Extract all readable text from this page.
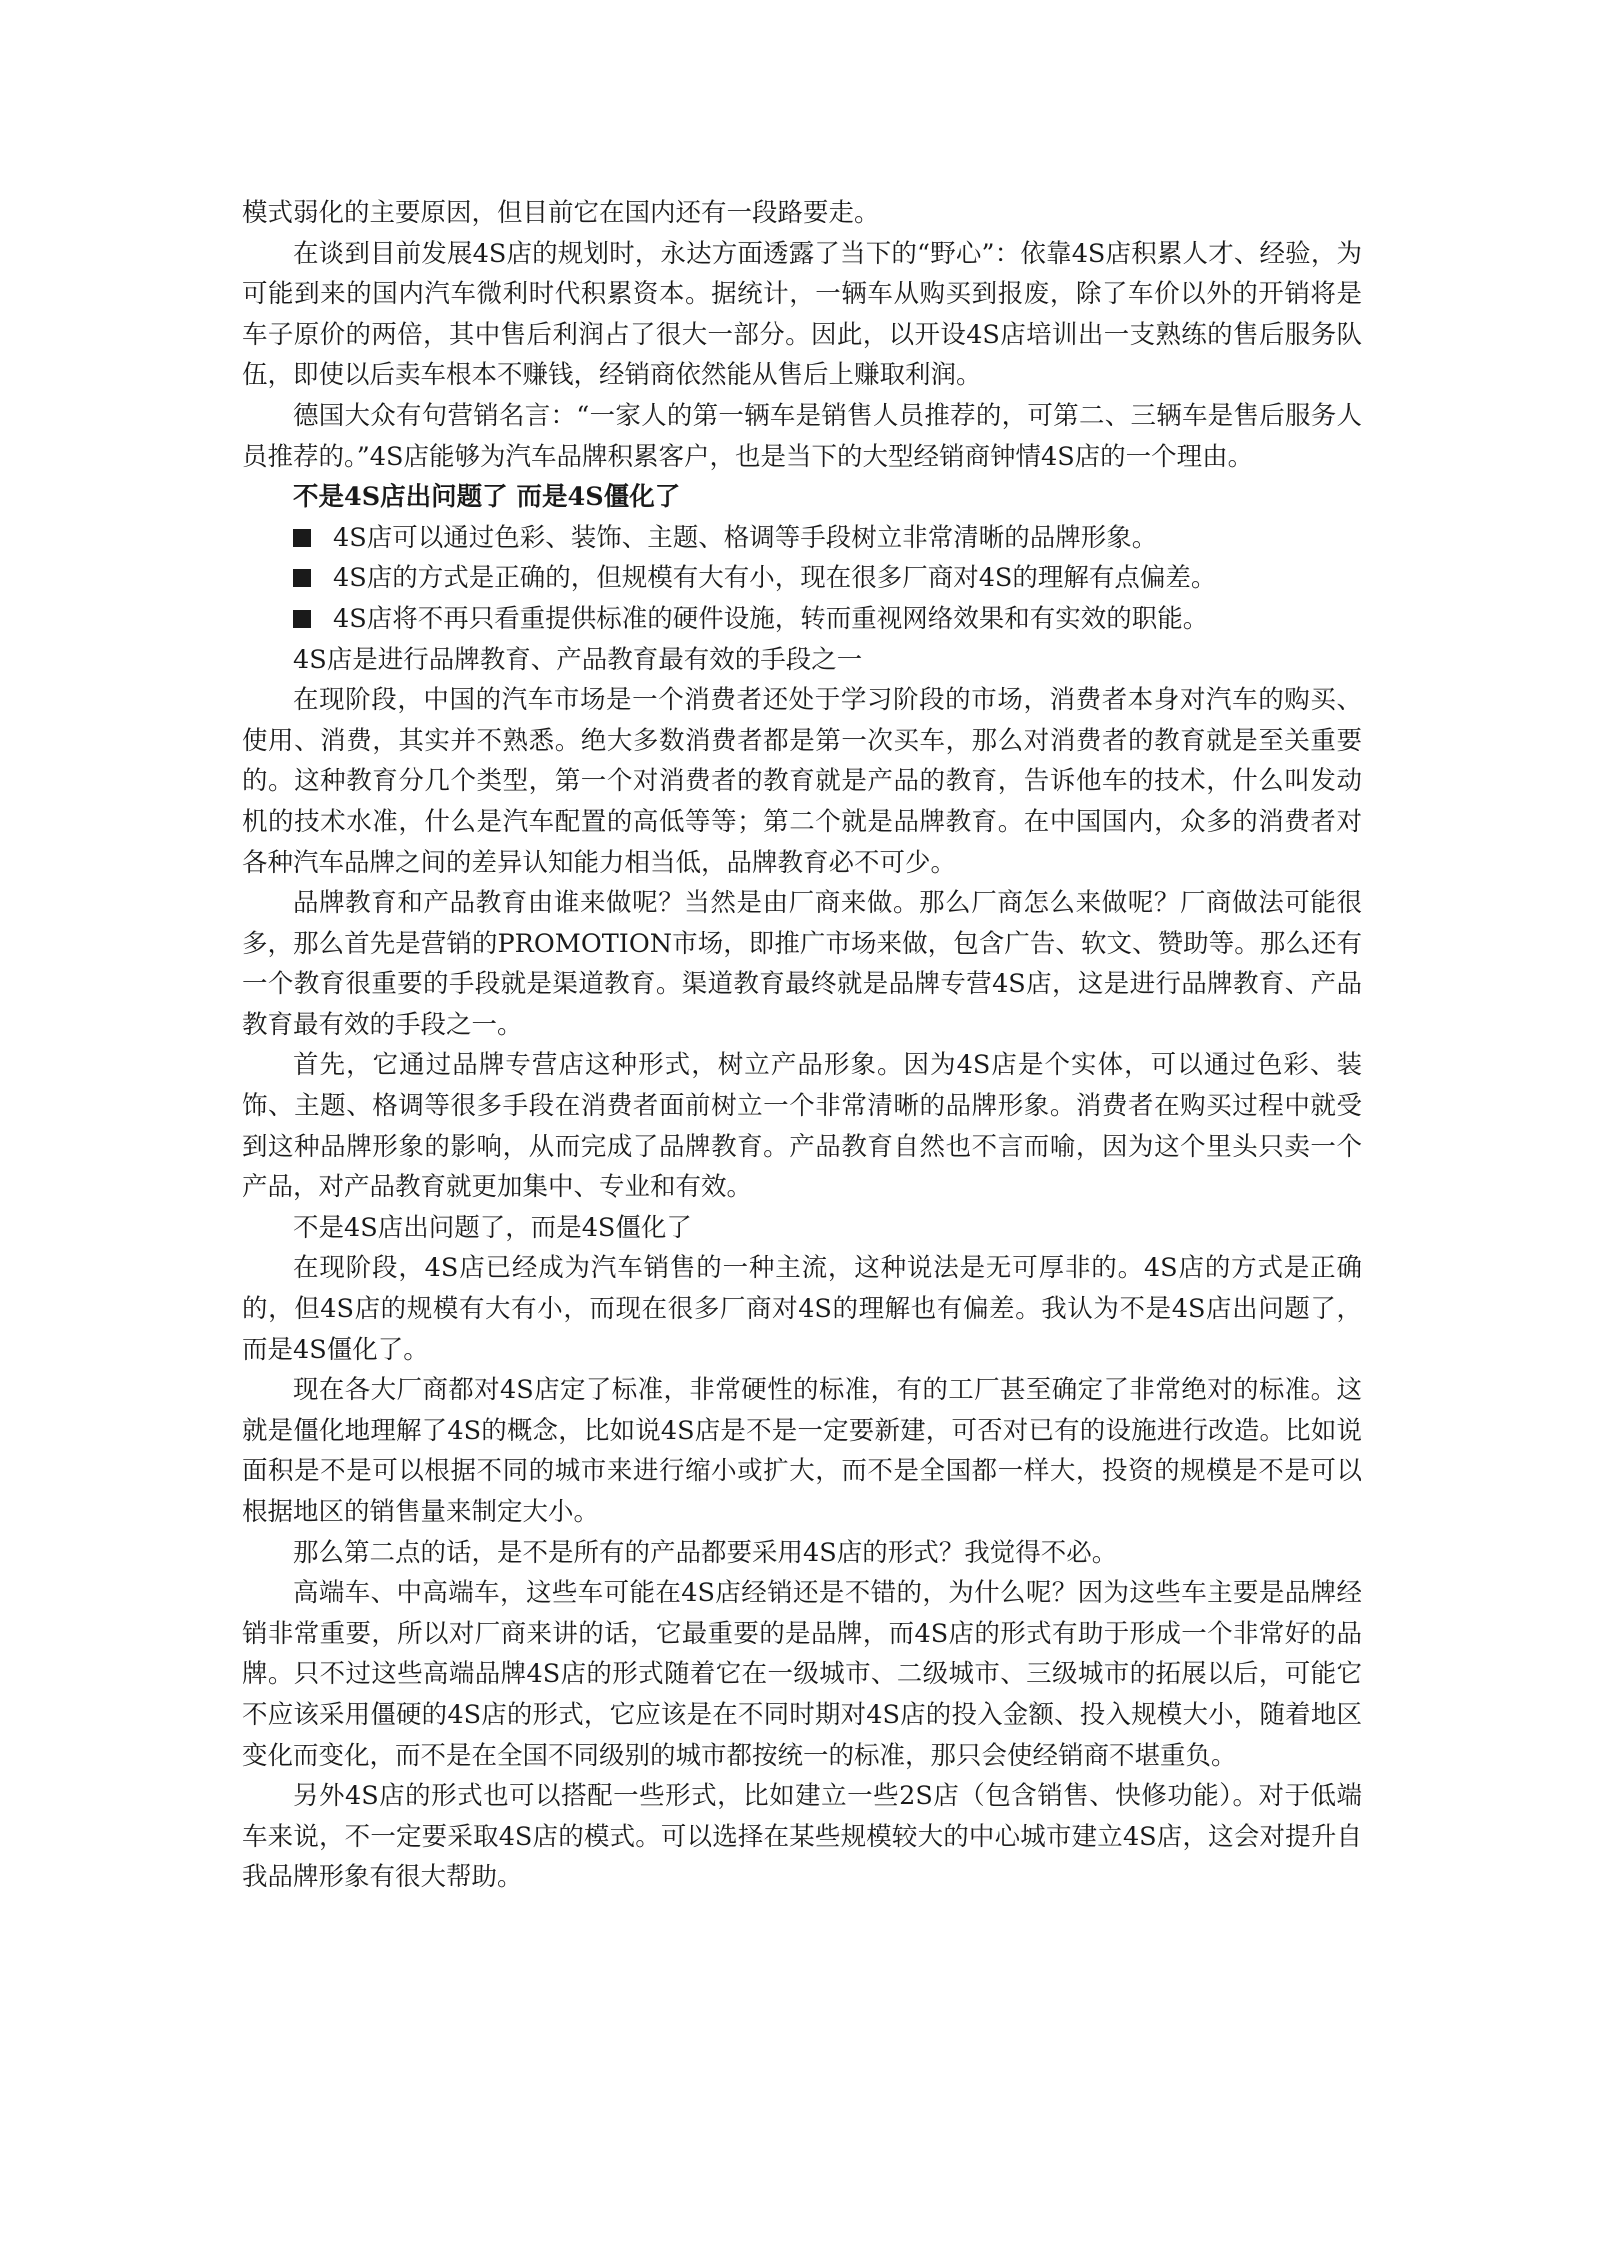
模式弱化的主要原因，但目前它在国内还有一段路要走。

在谈到目前发展4S店的规划时，永达方面透露了当下的“野心”：依靠4S店积累人才、经验，为可能到来的国内汽车微利时代积累资本。据统计，一辆车从购买到报废，除了车价以外的开销将是车子原价的两倍，其中售后利润占了很大一部分。因此，以开设4S店培训出一支熟练的售后服务队伍，即使以后卖车根本不赚钱，经销商依然能从售后上赚取利润。

德国大众有句营销名言：“一家人的第一辆车是销售人员推荐的，可第二、三辆车是售后服务人员推荐的。”4S店能够为汽车品牌积累客户，也是当下的大型经销商钟情4S店的一个理由。

不是4S店出问题了 而是4S僵化了

4S店可以通过色彩、装饰、主题、格调等手段树立非常清晰的品牌形象。
4S店的方式是正确的，但规模有大有小，现在很多厂商对4S的理解有点偏差。
4S店将不再只看重提供标准的硬件设施，转而重视网络效果和有实效的职能。

4S店是进行品牌教育、产品教育最有效的手段之一

在现阶段，中国的汽车市场是一个消费者还处于学习阶段的市场，消费者本身对汽车的购买、使用、消费，其实并不熟悉。绝大多数消费者都是第一次买车，那么对消费者的教育就是至关重要的。这种教育分几个类型，第一个对消费者的教育就是产品的教育，告诉他车的技术，什么叫发动机的技术水准，什么是汽车配置的高低等等；第二个就是品牌教育。在中国国内，众多的消费者对各种汽车品牌之间的差异认知能力相当低，品牌教育必不可少。

品牌教育和产品教育由谁来做呢？当然是由厂商来做。那么厂商怎么来做呢？厂商做法可能很多，那么首先是营销的PROMOTION市场，即推广市场来做，包含广告、软文、赞助等。那么还有一个教育很重要的手段就是渠道教育。渠道教育最终就是品牌专营4S店，这是进行品牌教育、产品教育最有效的手段之一。

首先，它通过品牌专营店这种形式，树立产品形象。因为4S店是个实体，可以通过色彩、装饰、主题、格调等很多手段在消费者面前树立一个非常清晰的品牌形象。消费者在购买过程中就受到这种品牌形象的影响，从而完成了品牌教育。产品教育自然也不言而喻，因为这个里头只卖一个产品，对产品教育就更加集中、专业和有效。

不是4S店出问题了，而是4S僵化了

在现阶段，4S店已经成为汽车销售的一种主流，这种说法是无可厚非的。4S店的方式是正确的，但4S店的规模有大有小，而现在很多厂商对4S的理解也有偏差。我认为不是4S店出问题了，而是4S僵化了。

现在各大厂商都对4S店定了标准，非常硬性的标准，有的工厂甚至确定了非常绝对的标准。这就是僵化地理解了4S的概念，比如说4S店是不是一定要新建，可否对已有的设施进行改造。比如说面积是不是可以根据不同的城市来进行缩小或扩大，而不是全国都一样大，投资的规模是不是可以根据地区的销售量来制定大小。

那么第二点的话，是不是所有的产品都要采用4S店的形式？我觉得不必。

高端车、中高端车，这些车可能在4S店经销还是不错的，为什么呢？因为这些车主要是品牌经销非常重要，所以对厂商来讲的话，它最重要的是品牌，而4S店的形式有助于形成一个非常好的品牌。只不过这些高端品牌4S店的形式随着它在一级城市、二级城市、三级城市的拓展以后，可能它不应该采用僵硬的4S店的形式，它应该是在不同时期对4S店的投入金额、投入规模大小，随着地区变化而变化，而不是在全国不同级别的城市都按统一的标准，那只会使经销商不堪重负。

另外4S店的形式也可以搭配一些形式，比如建立一些2S店（包含销售、快修功能）。对于低端车来说，不一定要采取4S店的模式。可以选择在某些规模较大的中心城市建立4S店，这会对提升自我品牌形象有很大帮助。
